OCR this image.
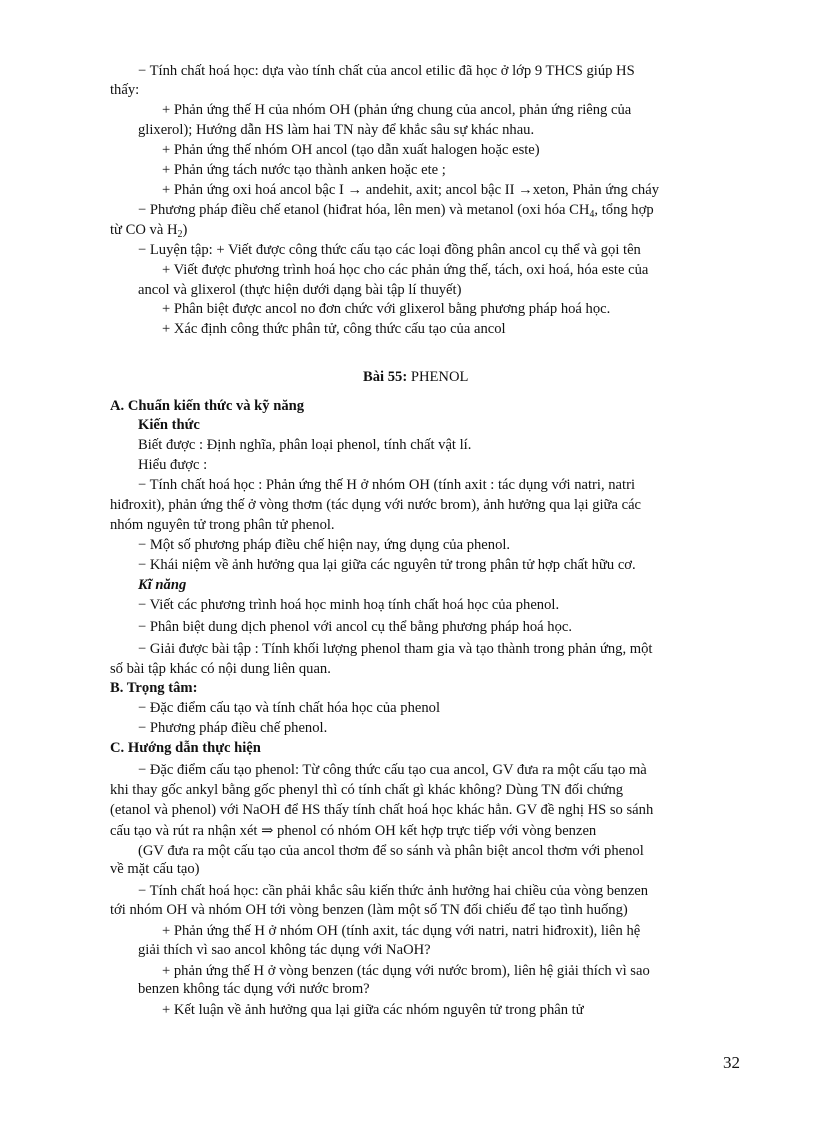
− Tính chất hoá học: dựa vào tính chất của ancol etilic đã học ở lớp 9 THCS giúp HS
thấy:
+ Phản ứng thế H của nhóm OH (phản ứng chung của ancol, phản ứng riêng của
glixerol); Hướng dẫn HS làm hai TN này để khắc sâu sự khác nhau.
+ Phản ứng thế nhóm OH ancol (tạo dẫn xuất halogen hoặc este)
+ Phản ứng tách nước tạo thành anken hoặc ete ;
+ Phản ứng oxi hoá ancol bậc I → andehit, axit; ancol bậc II →xeton, Phản ứng cháy
− Phương pháp điều chế etanol (hiđrat hóa, lên men) và metanol (oxi hóa $CH_4$, tổng hợp
từ CO và $H_2$)
− Luyện tập: + Viết được công thức cấu tạo các loại đồng phân ancol cụ thể và gọi tên
+ Viết được phương trình hoá học cho các phản ứng thế, tách, oxi hoá, hóa este của
ancol và glixerol (thực hiện dưới dạng bài tập lí thuyết)
+ Phân biệt được ancol no đơn chức với glixerol bằng phương pháp hoá học.
+ Xác định công thức phân tử, công thức cấu tạo của ancol
Bài 55: PHENOL
A. Chuẩn kiến thức và kỹ năng
Kiến thức
Biết được : Định nghĩa, phân loại phenol, tính chất vật lí.
Hiểu được :
− Tính chất hoá học : Phản ứng thế H ở nhóm OH (tính axit : tác dụng với natri, natri
hiđroxit), phản ứng thế ở vòng thơm (tác dụng với nước brom), ảnh hưởng qua lại giữa các
nhóm nguyên tử trong phân tử phenol.
− Một số phương pháp điều chế hiện nay, ứng dụng của phenol.
− Khái niệm về ảnh hưởng qua lại giữa các nguyên tử trong phân tử hợp chất hữu cơ.
Kĩ năng
− Viết các phương trình hoá học minh hoạ tính chất hoá học của phenol.
− Phân biệt dung dịch phenol với ancol cụ thể bằng phương pháp hoá học.
− Giải được bài tập : Tính khối lượng phenol tham gia và tạo thành trong phản ứng, một
số bài tập khác có nội dung liên quan.
B. Trọng tâm:
− Đặc điểm cấu tạo và tính chất hóa học của phenol
− Phương pháp điều chế phenol.
C. Hướng dẫn thực hiện
− Đặc điểm cấu tạo phenol: Từ công thức cấu tạo cua ancol, GV đưa ra một cấu tạo mà
khi thay gốc ankyl bằng gốc phenyl thì có tính chất gì khác không? Dùng TN đối chứng
(etanol và phenol) với NaOH để HS thấy tính chất hoá học khác hẳn. GV đề nghị HS so sánh
cấu tạo và rút ra nhận xét ⇒ phenol có nhóm OH kết hợp trực tiếp với vòng benzen
(GV đưa ra một cấu tạo của ancol thơm để so sánh và phân biệt ancol thơm với phenol
về mặt cấu tạo)
− Tính chất hoá học: cần phải khắc sâu kiến thức ảnh hưởng hai chiều của vòng benzen
tới nhóm OH và nhóm OH tới vòng benzen (làm một số TN đối chiếu để tạo tình huống)
+ Phản ứng thế H ở nhóm OH (tính axit, tác dụng với natri, natri hiđroxit), liên hệ
giải thích vì sao ancol không tác dụng với NaOH?
+ phản ứng thế H ở vòng benzen (tác dụng với nước brom), liên hệ giải thích vì sao
benzen không tác dụng với nước brom?
+ Kết luận về ảnh hưởng qua lại giữa các nhóm nguyên tử trong phân tử
32
